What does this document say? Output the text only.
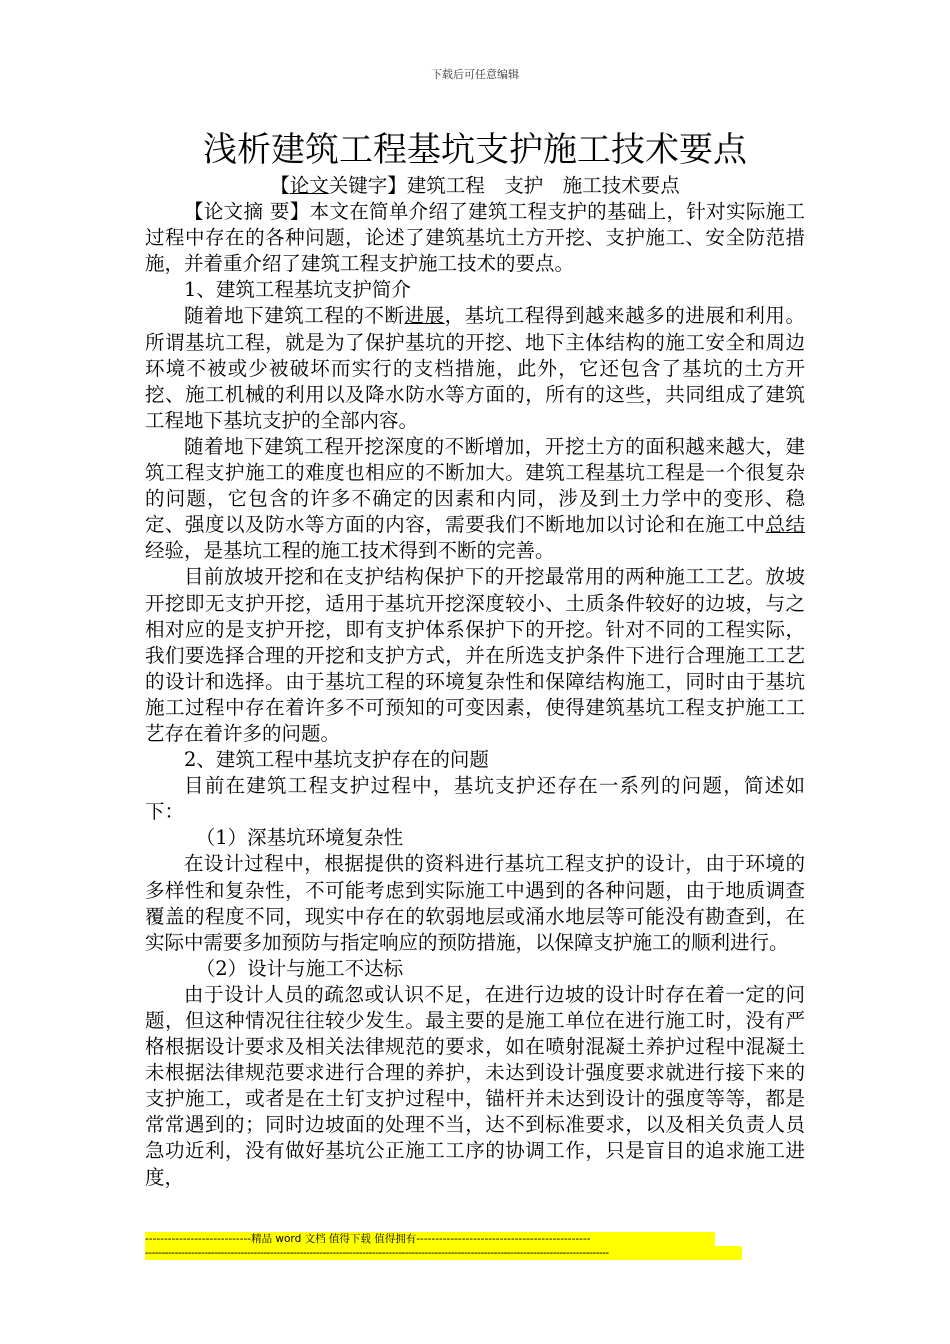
下载后可任意编辑
浅析建筑工程基坑支护施工技术要点

【论文关键字】建筑工程　支护　施工技术要点

【论文摘 要】本文在简单介绍了建筑工程支护的基础上，针对实际施工过程中存在的各种问题，论述了建筑基坑土方开挖、支护施工、安全防范措施，并着重介绍了建筑工程支护施工技术的要点。

1、建筑工程基坑支护简介

随着地下建筑工程的不断进展，基坑工程得到越来越多的进展和利用。所谓基坑工程，就是为了保护基坑的开挖、地下主体结构的施工安全和周边环境不被或少被破坏而实行的支档措施，此外，它还包含了基坑的土方开挖、施工机械的利用以及降水防水等方面的，所有的这些，共同组成了建筑工程地下基坑支护的全部内容。

随着地下建筑工程开挖深度的不断增加，开挖土方的面积越来越大，建筑工程支护施工的难度也相应的不断加大。建筑工程基坑工程是一个很复杂的问题，它包含的许多不确定的因素和内同，涉及到土力学中的变形、稳定、强度以及防水等方面的内容，需要我们不断地加以讨论和在施工中总结经验，是基坑工程的施工技术得到不断的完善。

目前放坡开挖和在支护结构保护下的开挖最常用的两种施工工艺。放坡开挖即无支护开挖，适用于基坑开挖深度较小、土质条件较好的边坡，与之相对应的是支护开挖，即有支护体系保护下的开挖。针对不同的工程实际，我们要选择合理的开挖和支护方式，并在所选支护条件下进行合理施工工艺的设计和选择。由于基坑工程的环境复杂性和保障结构施工，同时由于基坑施工过程中存在着许多不可预知的可变因素，使得建筑基坑工程支护施工工艺存在着许多的问题。

2、建筑工程中基坑支护存在的问题

目前在建筑工程支护过程中，基坑支护还存在一系列的问题，简述如下：

（1）深基坑环境复杂性

在设计过程中，根据提供的资料进行基坑工程支护的设计，由于环境的多样性和复杂性，不可能考虑到实际施工中遇到的各种问题，由于地质调查覆盖的程度不同，现实中存在的软弱地层或涌水地层等可能没有勘查到，在实际中需要多加预防与指定响应的预防措施，以保障支护施工的顺利进行。

（2）设计与施工不达标

由于设计人员的疏忽或认识不足，在进行边坡的设计时存在着一定的问题，但这种情况往往较少发生。最主要的是施工单位在进行施工时，没有严格根据设计要求及相关法律规范的要求，如在喷射混凝土养护过程中混凝土未根据法律规范要求进行合理的养护，未达到设计强度要求就进行接下来的支护施工，或者是在土钉支护过程中，锚杆并未达到设计的强度等等，都是常常遇到的；同时边坡面的处理不当，达不到标准要求，以及相关负责人员急功近利，没有做好基坑公正施工工序的协调工作，只是盲目的追求施工进度，

----------------------------精品 word 文档 值得下载 值得拥有----------------------------------------------
---------------------------------------------------------------------------------------------------------------------------------------------
